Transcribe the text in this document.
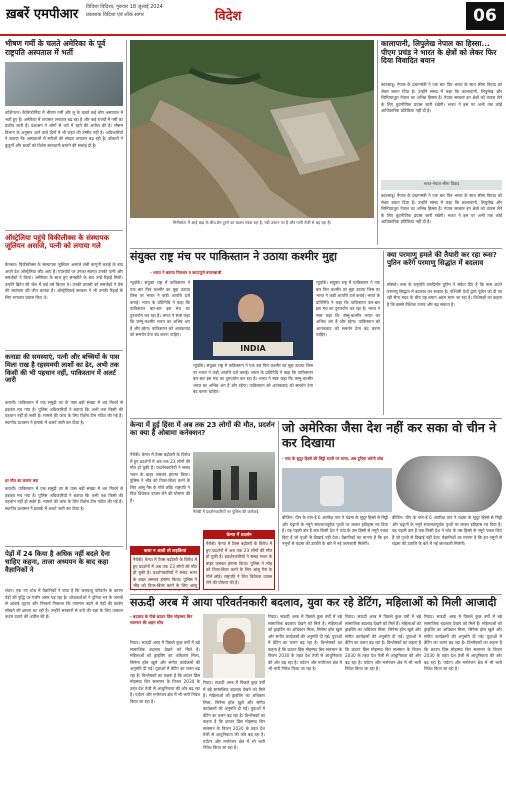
ख़बरें एमपीआर विदिशा विदिशा, गुरुवार 18 जुलाई 2024
प्रकाशक विदिशा एवं लोक सागर	विदेश	06
भीषण गर्मी के चलते अमेरिका के पूर्व राष्ट्रपति अस्पताल में भर्ती
वाशिंगटन। कैलिफोर्निया में भीषण गर्मी और लू के चलते कई लोग अस्पताल में भर्ती हुए हैं। अमेरिका में तापमान लगातार बढ़ रहा है और कई राज्यों में गर्मी का प्रकोप जारी है। प्रशासन ने लोगों से घरों में रहने की अपील की है। मौसम विभाग के अनुसार आने वाले दिनों में भी राहत की उम्मीद नहीं है। अधिकारियों ने बताया कि अस्पतालों में मरीजों की संख्या लगातार बढ़ रही है। डॉक्टरों ने बुजुर्गों और बच्चों को विशेष सावधानी बरतने की सलाह दी है।
ऑस्ट्रेलिया पहुंचे विकीलीक्स के संस्थापक जूलियन असांजे, पत्नी को लगाया गले
कैनबरा। विकीलीक्स के संस्थापक जूलियन असांजे लंबी कानूनी लड़ाई के बाद अपने देश ऑस्ट्रेलिया लौट आए हैं। एयरपोर्ट पर उनका स्वागत उनकी पत्नी और समर्थकों ने किया। अमेरिका के साथ हुए समझौते के बाद उन्हें रिहाई मिली। उन्होंने ब्रिटेन की जेल में कई वर्ष बिताए थे। उनकी वापसी को समर्थकों ने प्रेस की स्वतंत्रता की जीत बताया है। ऑस्ट्रेलियाई सरकार ने भी उनकी रिहाई के लिए लगातार प्रयास किए थे।
कनाडा की समस्याएं, पत्नी और बच्चियों के पास मिला राख है रहस्यमयी लाशों का ढेर, अभी तक किसी की भी पहचान नहीं, पाकिस्तान में अलर्ट जारी
कराची। पाकिस्तान में एक समुद्री तट के पास बड़ी संख्या में शव मिलने से हड़कंप मच गया है। पुलिस अधिकारियों ने बताया कि अभी तक किसी की पहचान नहीं हो सकी है। मामले की जांच के लिए विशेष टीम गठित की गई है। स्थानीय प्रशासन ने इलाके में अलर्ट जारी कर दिया है।
हर मौत का कारण क्या
कराची। पाकिस्तान में एक समुद्री तट के पास बड़ी संख्या में शव मिलने से हड़कंप मच गया है। पुलिस अधिकारियों ने बताया कि अभी तक किसी की पहचान नहीं हो सकी है। मामले की जांच के लिए विशेष टीम गठित की गई है। स्थानीय प्रशासन ने इलाके में अलर्ट जारी कर दिया है।
पेड़ों में 24 किया है अधिक नहीं बदले देना चाहिए कहना, ताजा अध्ययन के बाद कहा वैज्ञानिकों ने
लंदन। एक नए शोध में वैज्ञानिकों ने पाया है कि जलवायु परिवर्तन के कारण पेड़ों की वृद्धि पर गंभीर असर पड़ रहा है। शोधकर्ताओं ने दुनिया भर के जंगलों से आंकड़े जुटाए और निष्कर्ष निकाला कि तापमान बढ़ने से पेड़ों की कार्बन सोखने की क्षमता घट रही है। उन्होंने सरकारों से वनों की रक्षा के लिए तत्काल कदम उठाने की अपील की है।
मिनीसोटा में आई बाढ़ के बीच डैम टूटने का खतरा मंडरा रहा है, नदी उफान पर है और पानी तेजी से बह रहा है।
कालापानी, लिपुलेख नेपाल का हिस्सा... पीएम प्रचंड ने भारत के क्षेत्रों को लेकर फिर दिया विवादित बयान
काठमांडू। नेपाल के प्रधानमंत्री ने एक बार फिर भारत के साथ सीमा विवाद को लेकर बयान दिया है। उन्होंने संसद में कहा कि कालापानी, लिपुलेख और लिम्पियाधुरा नेपाल का अभिन्न हिस्सा हैं। नेपाल सरकार इन क्षेत्रों को वापस लेने के लिए कूटनीतिक प्रयास जारी रखेगी। भारत ने इस पर अभी तक कोई आधिकारिक प्रतिक्रिया नहीं दी है।
भारत-नेपाल सीमा विवाद
काठमांडू। नेपाल के प्रधानमंत्री ने एक बार फिर भारत के साथ सीमा विवाद को लेकर बयान दिया है। उन्होंने संसद में कहा कि कालापानी, लिपुलेख और लिम्पियाधुरा नेपाल का अभिन्न हिस्सा हैं। नेपाल सरकार इन क्षेत्रों को वापस लेने के लिए कूटनीतिक प्रयास जारी रखेगी। भारत ने इस पर अभी तक कोई आधिकारिक प्रतिक्रिया नहीं दी है।
संयुक्त राष्ट्र मंच पर पाकिस्तान ने उठाया कश्मीर मुद्दा
- भारत ने बताया निराधार व कपटपूर्ण बयानबाजी
न्यूयॉर्क। संयुक्त राष्ट्र में पाकिस्तान ने एक बार फिर कश्मीर का मुद्दा उठाया जिस पर भारत ने कड़ी आपत्ति दर्ज कराई। भारत के प्रतिनिधि ने कहा कि पाकिस्तान बार-बार इस मंच का दुरुपयोग कर रहा है। भारत ने स्पष्ट कहा कि जम्मू-कश्मीर भारत का अभिन्न अंग है और रहेगा। पाकिस्तान को आतंकवाद को समर्थन देना बंद करना चाहिए।
INDIA
न्यूयॉर्क। संयुक्त राष्ट्र में पाकिस्तान ने एक बार फिर कश्मीर का मुद्दा उठाया जिस पर भारत ने कड़ी आपत्ति दर्ज कराई। भारत के प्रतिनिधि ने कहा कि पाकिस्तान बार-बार इस मंच का दुरुपयोग कर रहा है। भारत ने स्पष्ट कहा कि जम्मू-कश्मीर भारत का अभिन्न अंग है और रहेगा। पाकिस्तान को आतंकवाद को समर्थन देना बंद करना चाहिए।
न्यूयॉर्क। संयुक्त राष्ट्र में पाकिस्तान ने एक बार फिर कश्मीर का मुद्दा उठाया जिस पर भारत ने कड़ी आपत्ति दर्ज कराई। भारत के प्रतिनिधि ने कहा कि पाकिस्तान बार-बार इस मंच का दुरुपयोग कर रहा है। भारत ने स्पष्ट कहा कि जम्मू-कश्मीर भारत का अभिन्न अंग है और रहेगा। पाकिस्तान को आतंकवाद को समर्थन देना बंद करना चाहिए।
क्या परमाणु हमले की तैयारी कर रहा रूस? पुतिन करेंगे परमाणु सिद्धांत में बदलाव
मॉस्को। रूस के राष्ट्रपति व्लादिमीर पुतिन ने संकेत दिए हैं कि रूस अपने परमाणु सिद्धांत में बदलाव कर सकता है। पश्चिमी देशों द्वारा यूक्रेन को दी जा रही सैन्य मदद के बीच यह बयान अहम माना जा रहा है। विशेषज्ञों का कहना है कि इससे वैश्विक तनाव और बढ़ सकता है।
केन्या में हुई हिंसा में अब तक 23 लोगों की मौत, प्रदर्शन का क्या है ओबामा कनेक्शन?
नैरोबी। केन्या में टैक्स बढ़ोतरी के विरोध में हुए प्रदर्शनों में अब तक 23 लोगों की मौत हो चुकी है। प्रदर्शनकारियों ने संसद भवन के बाहर जमकर हंगामा किया। पुलिस ने भीड़ को तितर-बितर करने के लिए आंसू गैस के गोले छोड़े। राष्ट्रपति ने वित्त विधेयक वापस लेने की घोषणा की है।
नैरोबी में प्रदर्शनकारियों पर पुलिस की कार्रवाई
बाधा न आती तो लड़कियां
नैरोबी। केन्या में टैक्स बढ़ोतरी के विरोध में हुए प्रदर्शनों में अब तक 23 लोगों की मौत हो चुकी है। प्रदर्शनकारियों ने संसद भवन के बाहर जमकर हंगामा किया। पुलिस ने भीड़ को तितर-बितर करने के लिए आंसू
केन्या में प्रदर्शन
नैरोबी। केन्या में टैक्स बढ़ोतरी के विरोध में हुए प्रदर्शनों में अब तक 23 लोगों की मौत हो चुकी है। प्रदर्शनकारियों ने संसद भवन के बाहर जमकर हंगामा किया। पुलिस ने भीड़ को तितर-बितर करने के लिए आंसू गैस के गोले छोड़े। राष्ट्रपति ने वित्त विधेयक वापस लेने की घोषणा की है।
जो अमेरिका जैसा देश नहीं कर सका वो चीन ने कर दिखाया
- चांद के सुदूर हिस्से की मिट्टी धरती पर लाया, अब दुनिया करेगी शोध
बीजिंग। चीन के चांग-ई 6 अंतरिक्ष यान ने चंद्रमा के सुदूर हिस्से से मिट्टी और चट्टानों के नमूने सफलतापूर्वक पृथ्वी पर लाकर इतिहास रच दिया है। यह पहली बार है जब किसी देश ने चांद के उस हिस्से से नमूने एकत्र किए हैं जो पृथ्वी से दिखाई नहीं देता। वैज्ञानिकों का मानना है कि इन नमूनों से चंद्रमा की उत्पत्ति के बारे में नई जानकारी मिलेगी।
बीजिंग। चीन के चांग-ई 6 अंतरिक्ष यान ने चंद्रमा के सुदूर हिस्से से मिट्टी और चट्टानों के नमूने सफलतापूर्वक पृथ्वी पर लाकर इतिहास रच दिया है। यह पहली बार है जब किसी देश ने चांद के उस हिस्से से नमूने एकत्र किए हैं जो पृथ्वी से दिखाई नहीं देता। वैज्ञानिकों का मानना है कि इन नमूनों से चंद्रमा की उत्पत्ति के बारे में नई जानकारी मिलेगी।
सऊदी अरब में आया परिवर्तनकारी बदलाव, युवा कर रहे डेटिंग, महिलाओं को मिली आजादी
- बदलाव के पीछे क्राउन प्रिंस मोहम्मद बिन सलमान की अहम सोच
रियाद। सऊदी अरब में पिछले कुछ वर्षों में बड़े सामाजिक बदलाव देखने को मिले हैं। महिलाओं को ड्राइविंग का अधिकार मिला, सिनेमा हॉल खुले और संगीत कार्यक्रमों की अनुमति दी गई। युवाओं में डेटिंग का चलन बढ़ रहा है। विश्लेषकों का कहना है कि क्राउन प्रिंस मोहम्मद बिन सलमान के विजन 2030 के तहत देश तेजी से आधुनिकता की ओर बढ़ रहा है। पर्यटन और मनोरंजन क्षेत्र में भी भारी निवेश किया जा रहा है।
रियाद। सऊदी अरब में पिछले कुछ वर्षों में बड़े सामाजिक बदलाव देखने को मिले हैं। महिलाओं को ड्राइविंग का अधिकार मिला, सिनेमा हॉल खुले और संगीत कार्यक्रमों की अनुमति दी गई। युवाओं में डेटिंग का चलन बढ़ रहा है। विश्लेषकों का कहना है कि क्राउन प्रिंस मोहम्मद बिन सलमान के विजन 2030 के तहत देश तेजी से आधुनिकता की ओर बढ़ रहा है। पर्यटन और मनोरंजन क्षेत्र में भी भारी निवेश किया जा रहा है।
रियाद। सऊदी अरब में पिछले कुछ वर्षों में बड़े सामाजिक बदलाव देखने को मिले हैं। महिलाओं को ड्राइविंग का अधिकार मिला, सिनेमा हॉल खुले और संगीत कार्यक्रमों की अनुमति दी गई। युवाओं में डेटिंग का चलन बढ़ रहा है। विश्लेषकों का कहना है कि क्राउन प्रिंस मोहम्मद बिन सलमान के विजन 2030 के तहत देश तेजी से आधुनिकता की ओर बढ़ रहा है। पर्यटन और मनोरंजन क्षेत्र में भी भारी निवेश किया जा रहा है।
रियाद। सऊदी अरब में पिछले कुछ वर्षों में बड़े सामाजिक बदलाव देखने को मिले हैं। महिलाओं को ड्राइविंग का अधिकार मिला, सिनेमा हॉल खुले और संगीत कार्यक्रमों की अनुमति दी गई। युवाओं में डेटिंग का चलन बढ़ रहा है। विश्लेषकों का कहना है कि क्राउन प्रिंस मोहम्मद बिन सलमान के विजन 2030 के तहत देश तेजी से आधुनिकता की ओर बढ़ रहा है। पर्यटन और मनोरंजन क्षेत्र में भी भारी निवेश किया जा रहा है।
रियाद। सऊदी अरब में पिछले कुछ वर्षों में बड़े सामाजिक बदलाव देखने को मिले हैं। महिलाओं को ड्राइविंग का अधिकार मिला, सिनेमा हॉल खुले और संगीत कार्यक्रमों की अनुमति दी गई। युवाओं में डेटिंग का चलन बढ़ रहा है। विश्लेषकों का कहना है कि क्राउन प्रिंस मोहम्मद बिन सलमान के विजन 2030 के तहत देश तेजी से आधुनिकता की ओर बढ़ रहा है। पर्यटन और मनोरंजन क्षेत्र में भी भारी निवेश किया जा रहा है।
